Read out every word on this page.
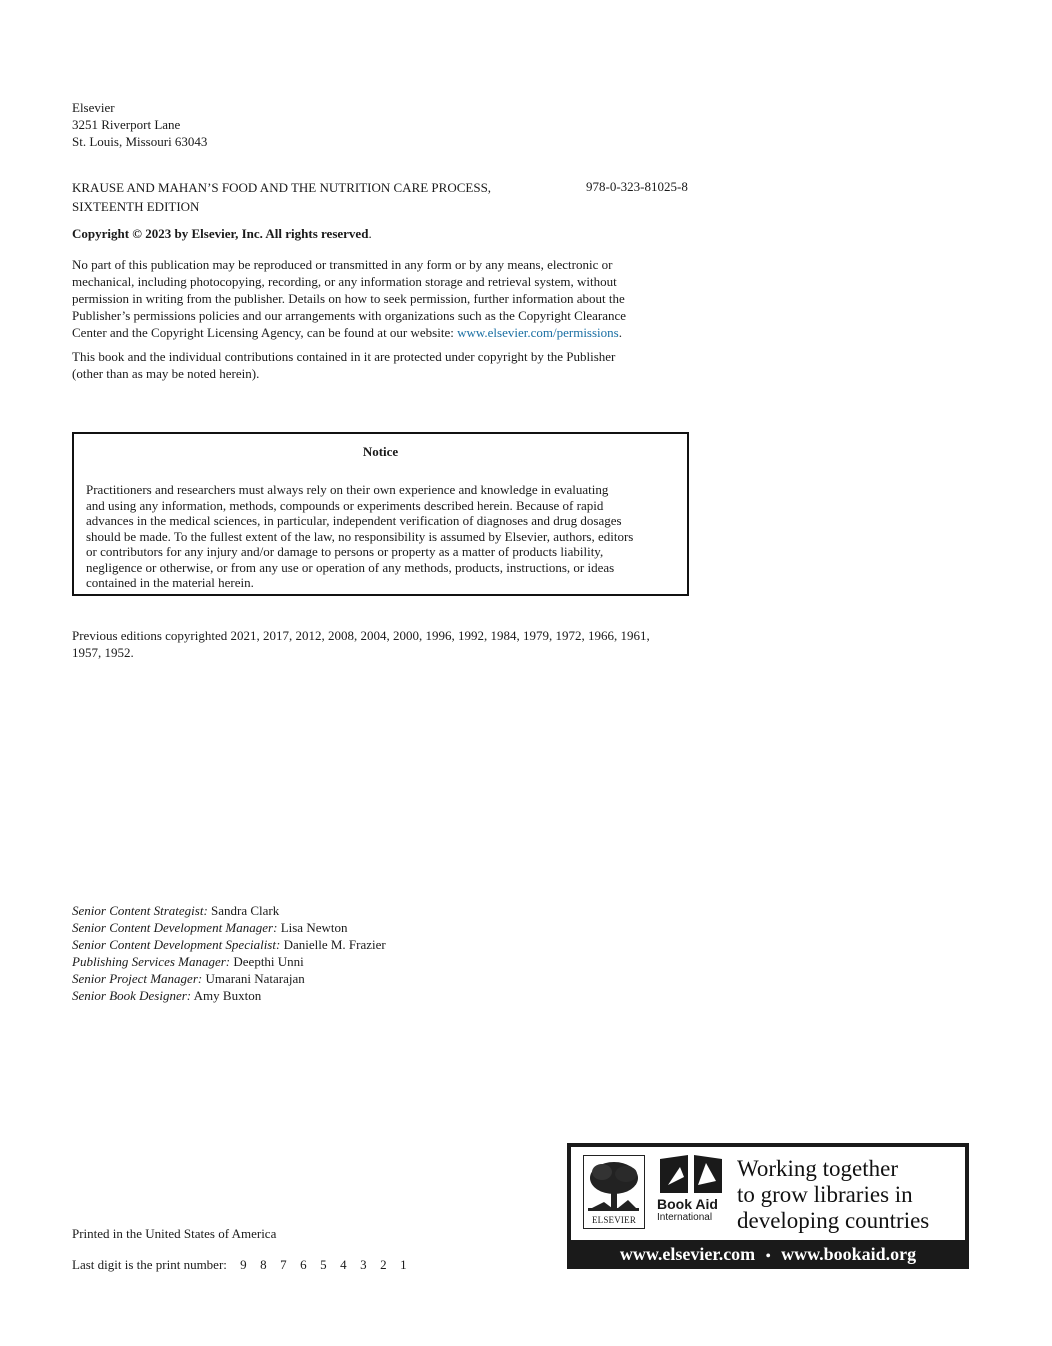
Elsevier
3251 Riverport Lane
St. Louis, Missouri 63043
KRAUSE AND MAHAN’S FOOD AND THE NUTRITION CARE PROCESS,
SIXTEENTH EDITION
978-0-323-81025-8
Copyright © 2023 by Elsevier, Inc. All rights reserved.
No part of this publication may be reproduced or transmitted in any form or by any means, electronic or
mechanical, including photocopying, recording, or any information storage and retrieval system, without
permission in writing from the publisher. Details on how to seek permission, further information about the
Publisher’s permissions policies and our arrangements with organizations such as the Copyright Clearance
Center and the Copyright Licensing Agency, can be found at our website: www.elsevier.com/permissions.
This book and the individual contributions contained in it are protected under copyright by the Publisher
(other than as may be noted herein).
Notice
Practitioners and researchers must always rely on their own experience and knowledge in evaluating
and using any information, methods, compounds or experiments described herein. Because of rapid
advances in the medical sciences, in particular, independent verification of diagnoses and drug dosages
should be made. To the fullest extent of the law, no responsibility is assumed by Elsevier, authors, editors
or contributors for any injury and/or damage to persons or property as a matter of products liability,
negligence or otherwise, or from any use or operation of any methods, products, instructions, or ideas
contained in the material herein.
Previous editions copyrighted 2021, 2017, 2012, 2008, 2004, 2000, 1996, 1992, 1984, 1979, 1972, 1966, 1961,
1957, 1952.
Senior Content Strategist: Sandra Clark
Senior Content Development Manager: Lisa Newton
Senior Content Development Specialist: Danielle M. Frazier
Publishing Services Manager: Deepthi Unni
Senior Project Manager: Umarani Natarajan
Senior Book Designer: Amy Buxton
Printed in the United States of America
Last digit is the print number: 9 8 7 6 5 4 3 2 1
ELSEVIER
Book Aid
International
Working together
to grow libraries in
developing countries
www.elsevier.com • www.bookaid.org
